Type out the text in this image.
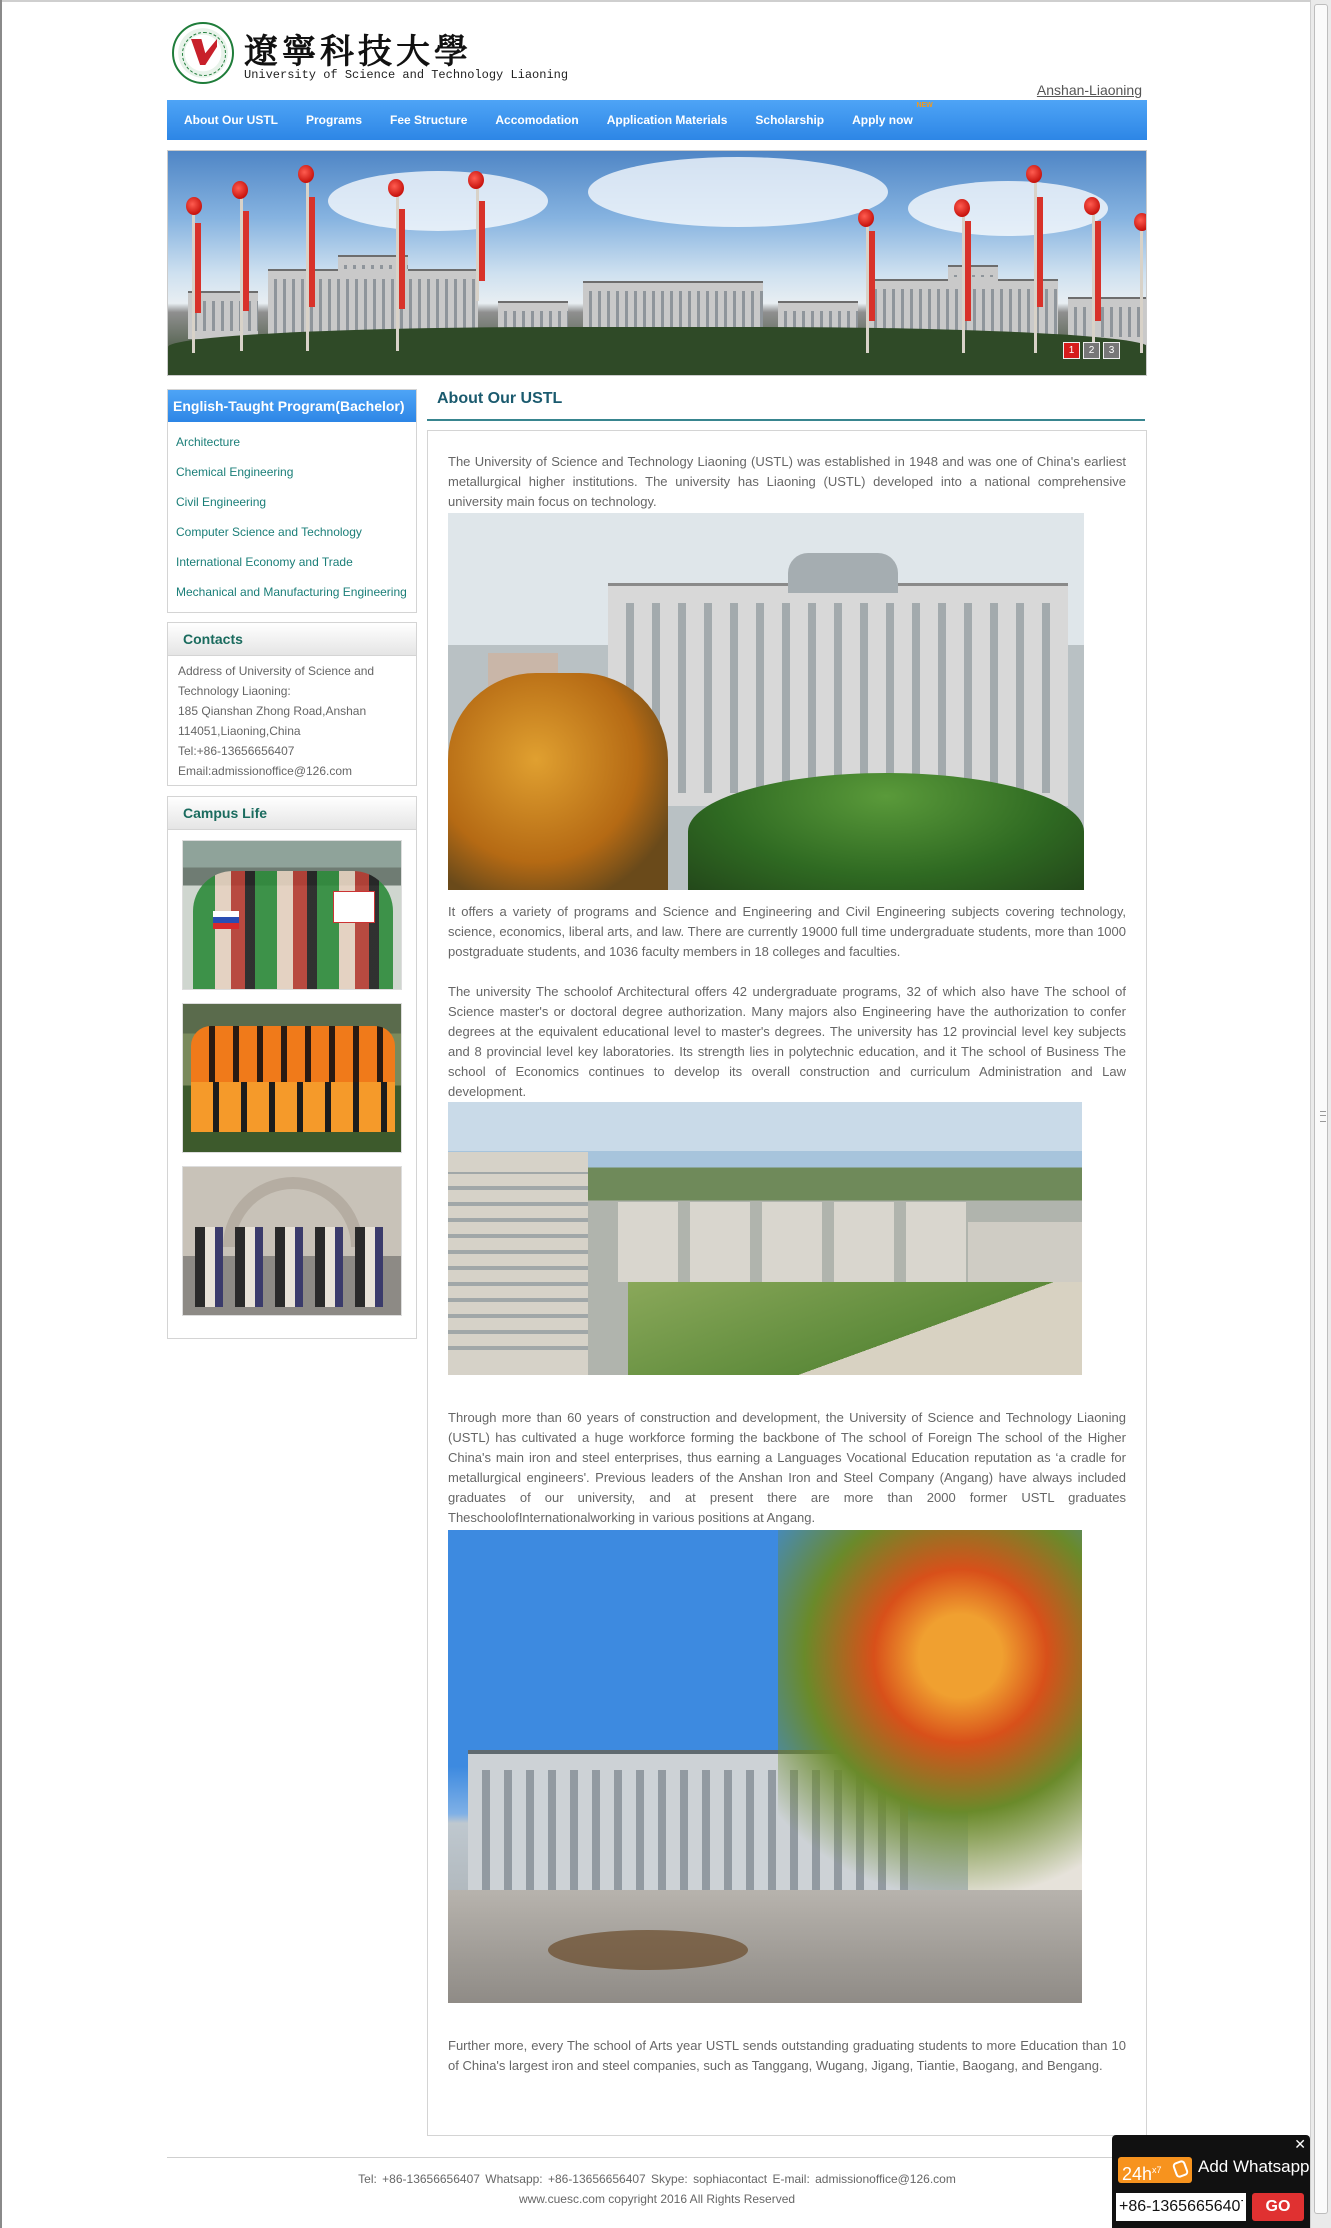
遼寧科技大學
University of Science and Technology Liaoning
Anshan-Liaoning
About Our USTL Programs Fee Structure Accomodation Application Materials Scholarship Apply now
NEW
1	2	3
English-Taught Program(Bachelor)
Architecture
Chemical Engineering
Civil Engineering
Computer Science and Technology
International Economy and Trade
Mechanical and Manufacturing Engineering
Contacts
Address of University of Science and
Technology Liaoning:
185 Qianshan Zhong Road,Anshan
114051,Liaoning,China
Tel:+86-13656656407
Email:admissionoffice@126.com
Campus Life
About Our USTL

The University of Science and Technology Liaoning (USTL) was established in 1948 and was one of China's earliest metallurgical higher institutions. The university has Liaoning (USTL) developed into a national comprehensive university main focus on technology.

It offers a variety of programs and Science and Engineering and Civil Engineering subjects covering technology, science, economics, liberal arts, and law. There are currently 19000 full time undergraduate students, more than 1000 postgraduate students, and 1036 faculty members in 18 colleges and faculties.

The university The schoolof Architectural offers 42 undergraduate programs, 32 of which also have The school of Science master's or doctoral degree authorization. Many majors also Engineering have the authorization to confer degrees at the equivalent educational level to master's degrees. The university has 12 provincial level key subjects and 8 provincial level key laboratories. Its strength lies in polytechnic education, and it The school of Business The school of Economics continues to develop its overall construction and curriculum Administration and Law development.

Through more than 60 years of construction and development, the University of Science and Technology Liaoning (USTL) has cultivated a huge workforce forming the backbone of The school of Foreign The school of the Higher China's main iron and steel enterprises, thus earning a Languages Vocational Education reputation as ‘a cradle for metallurgical engineers'. Previous leaders of the Anshan Iron and Steel Company (Angang) have always included graduates of our university, and at present there are more than 2000 former USTL graduates TheschoolofInternationalworking in various positions at Angang.

Further more, every The school of Arts year USTL sends outstanding graduating students to more Education than 10 of China's largest iron and steel companies, such as Tanggang, Wugang, Jigang, Tiantie, Baogang, and Bengang.

Tel: +86-13656656407 Whatsapp: +86-13656656407 Skype: sophiacontact E-mail: admissionoffice@126.com
www.cuesc.com copyright 2016 All Rights Reserved
✕
$24h^{x7}$	Add Whatsapp
+86-13656656407
GO
